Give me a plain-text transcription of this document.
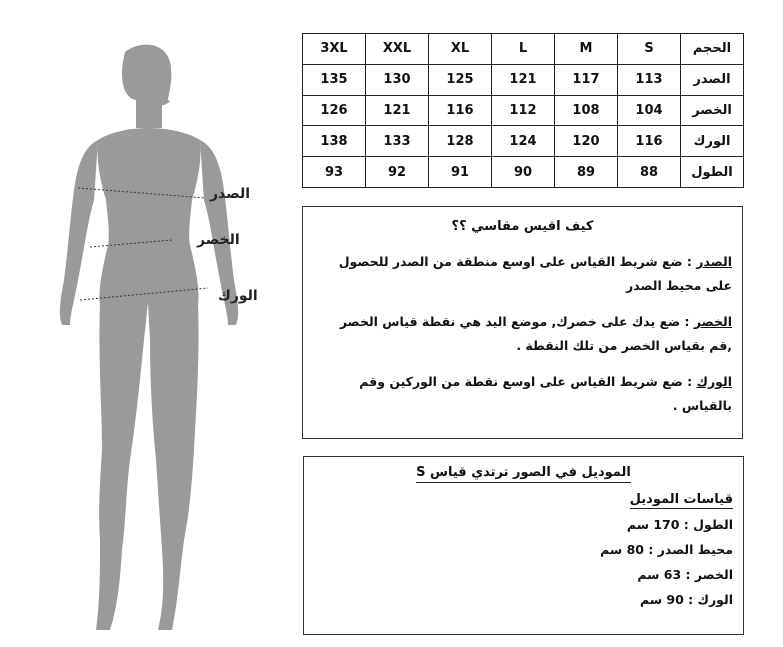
الصدر
الخصر
الورك
3XL	XXL	XL	L	M	S	الحجم
135	130	125	121	117	113	الصدر
126	121	116	112	108	104	الخصر
138	133	128	124	120	116	الورك
93	92	91	90	89	88	الطول
كيف اقيس مقاسي ؟؟

الصدر : ضع شريط القياس على اوسع منطقة من الصدر للحصول على محيط الصدر

الخصر : ضع يدك على خصرك, موضع اليد هي نقطة قياس الخصر ,قم بقياس الخصر من تلك النقطة .

الورك : ضع شريط القياس على اوسع نقطة من الوركين وقم بالقياس .

الموديل في الصور ترتدي قياس S
قياسات الموديل
الطول : 170 سم
محيط الصدر : 80 سم
الخصر : 63 سم
الورك : 90 سم
